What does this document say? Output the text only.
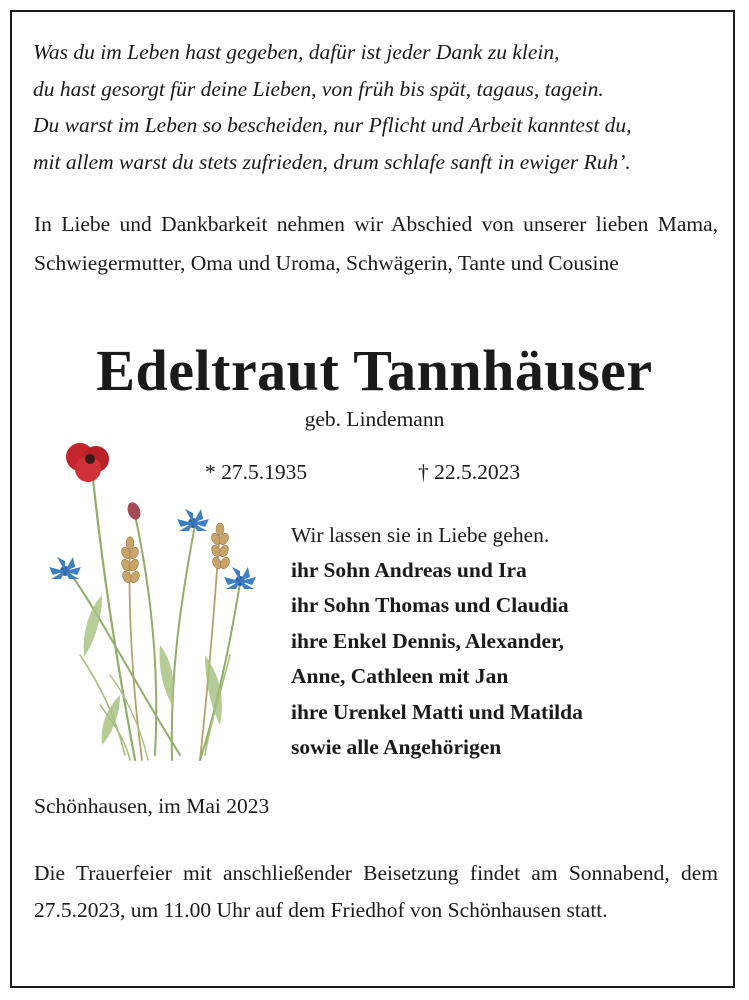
Was du im Leben hast gegeben, dafür ist jeder Dank zu klein,
du hast gesorgt für deine Lieben, von früh bis spät, tagaus, tagein.
Du warst im Leben so bescheiden, nur Pflicht und Arbeit kanntest du,
mit allem warst du stets zufrieden, drum schlafe sanft in ewiger Ruh’.
In Liebe und Dankbarkeit nehmen wir Abschied von unserer lieben Mama, Schwiegermutter, Oma und Uroma, Schwägerin, Tante und Cousine
Edeltraut Tannhäuser
geb. Lindemann
* 27.5.1935	† 22.5.2023
Wir lassen sie in Liebe gehen.
ihr Sohn Andreas und Ira
ihr Sohn Thomas und Claudia
ihre Enkel Dennis, Alexander,
Anne, Cathleen mit Jan
ihre Urenkel Matti und Matilda
sowie alle Angehörigen
Schönhausen, im Mai 2023
Die Trauerfeier mit anschließender Beisetzung findet am Sonnabend, dem 27.5.2023, um 11.00 Uhr auf dem Friedhof von Schönhausen statt.
